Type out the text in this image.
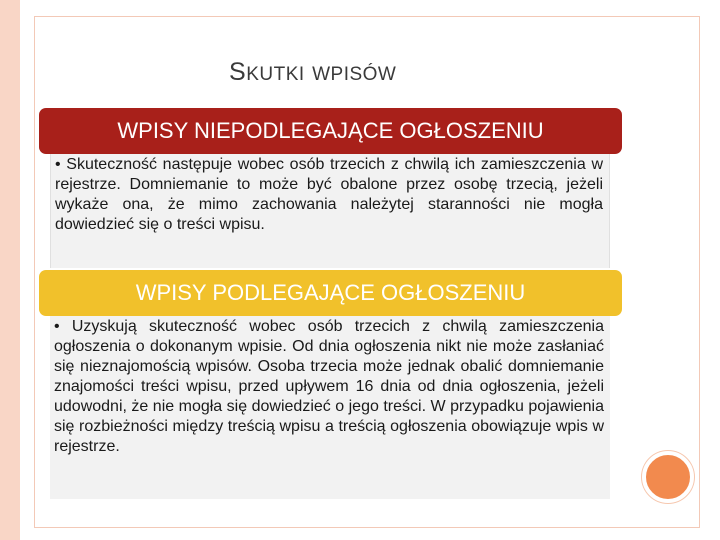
SKUTKI WPISÓW
WPISY NIEPODLEGAJĄCE OGŁOSZENIU
• Skuteczność następuje wobec osób trzecich z chwilą ich zamieszczenia w rejestrze. Domniemanie to może być obalone przez osobę trzecią, jeżeli wykaże ona, że mimo zachowania należytej staranności nie mogła dowiedzieć się o treści wpisu.
WPISY PODLEGAJĄCE OGŁOSZENIU
• Uzyskują skuteczność wobec osób trzecich z chwilą zamieszczenia ogłoszenia o dokonanym wpisie. Od dnia ogłoszenia nikt nie może zasłaniać się nieznajomością wpisów. Osoba trzecia może jednak obalić domniemanie znajomości treści wpisu, przed upływem 16 dnia od dnia ogłoszenia, jeżeli udowodni, że nie mogła się dowiedzieć o jego treści. W przypadku pojawienia się rozbieżności między treścią wpisu a treścią ogłoszenia obowiązuje wpis w rejestrze.
